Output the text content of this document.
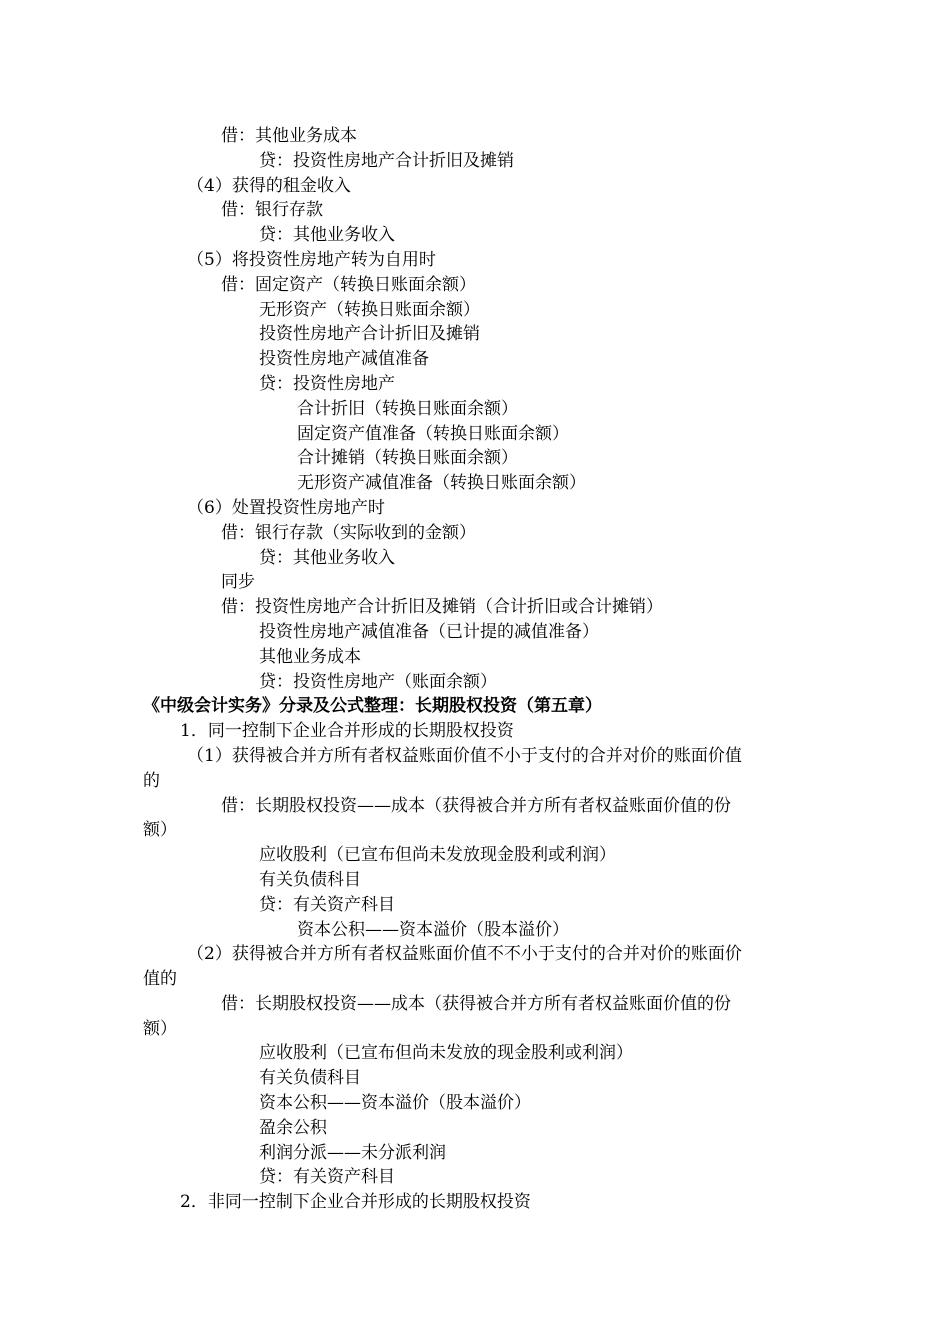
借：其他业务成本
贷：投资性房地产合计折旧及摊销
（4）获得的租金收入
借：银行存款
贷：其他业务收入
（5）将投资性房地产转为自用时
借：固定资产（转换日账面余额）
无形资产（转换日账面余额）
投资性房地产合计折旧及摊销
投资性房地产减值准备
贷：投资性房地产
合计折旧（转换日账面余额）
固定资产值准备（转换日账面余额）
合计摊销（转换日账面余额）
无形资产减值准备（转换日账面余额）
（6）处置投资性房地产时
借：银行存款（实际收到的金额）
贷：其他业务收入
同步
借：投资性房地产合计折旧及摊销（合计折旧或合计摊销）
投资性房地产减值准备（已计提的减值准备）
其他业务成本
贷：投资性房地产（账面余额）
《中级会计实务》分录及公式整理：长期股权投资（第五章）
1．同一控制下企业合并形成的长期股权投资
（1）获得被合并方所有者权益账面价值不小于支付的合并对价的账面价值
的
借：长期股权投资——成本（获得被合并方所有者权益账面价值的份
额）
应收股利（已宣布但尚未发放现金股利或利润）
有关负债科目
贷：有关资产科目
资本公积——资本溢价（股本溢价）
（2）获得被合并方所有者权益账面价值不不小于支付的合并对价的账面价
值的
借：长期股权投资——成本（获得被合并方所有者权益账面价值的份
额）
应收股利（已宣布但尚未发放的现金股利或利润）
有关负债科目
资本公积——资本溢价（股本溢价）
盈余公积
利润分派——未分派利润
贷：有关资产科目
2．非同一控制下企业合并形成的长期股权投资
